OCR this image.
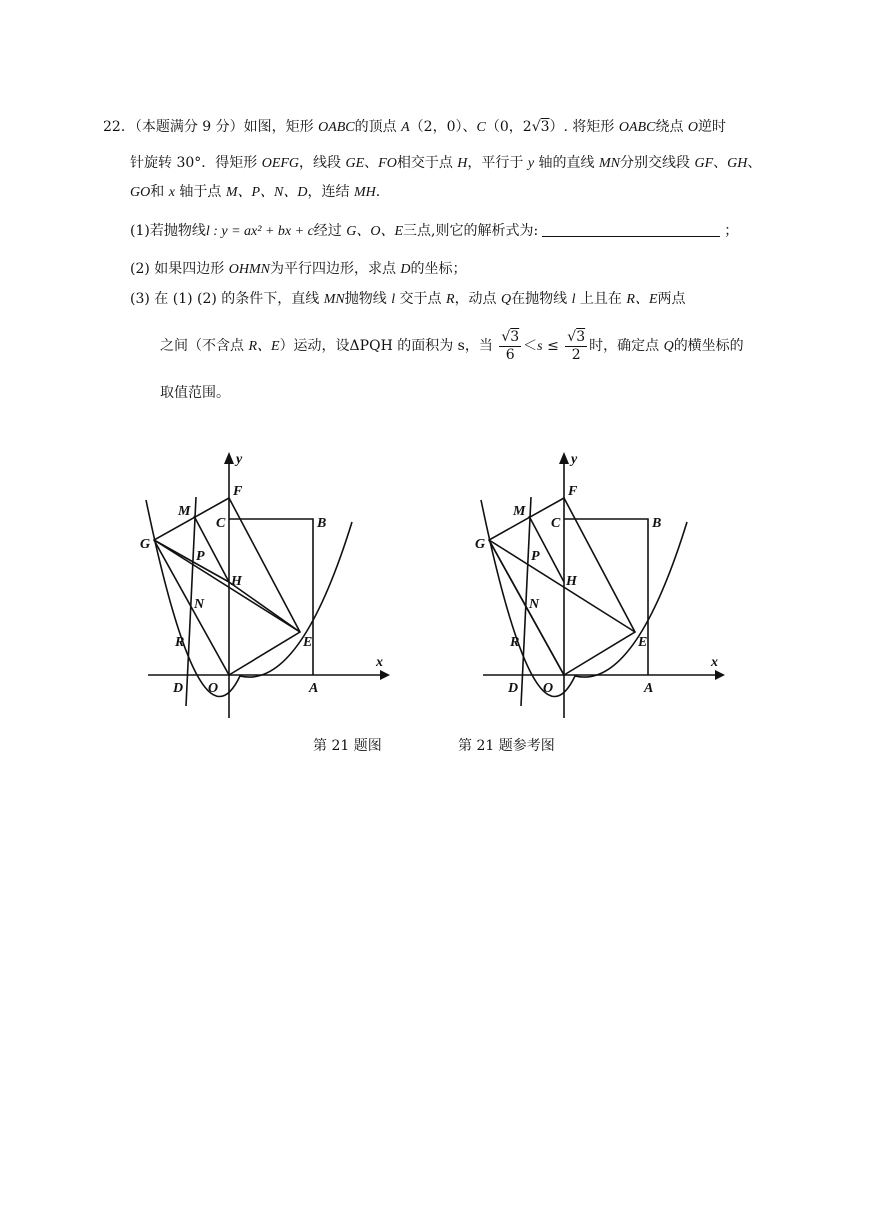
22．（本题满分 9 分）如图，矩形 OABC的顶点 A（2，0）、C（0，2√3）. 将矩形 OABC绕点 O逆时
针旋转 30°．得矩形 OEFG，线段 GE、FO相交于点 H，平行于 y 轴的直线 MN分别交线段 GF、GH、
GO和 x 轴于点 M、P、N、D，连结 MH.
(1)若抛物线l : y = ax² + bx + c经过 G、O、E三点,则它的解析式为:	；
(2) 如果四边形 OHMN为平行四边形，求点 D的坐标；
(3) 在 (1) (2) 的条件下，直线 MN抛物线 l 交于点 R，动点 Q在抛物线 l 上且在 R、E两点
之间（不含点 R、E）运动，设ΔPQH 的面积为 s，当 $\frac{√3}{6} <s \le \frac{√3}{2}$ 时，确定点 Q的横坐标的
取值范围。
y
x
F
M
C	B
G
P
H
N
R	E
D O	A
y
x
F
M
C	B
G
P
H
N
R	E
D O	A
第 21 题图	第 21 题参考图
